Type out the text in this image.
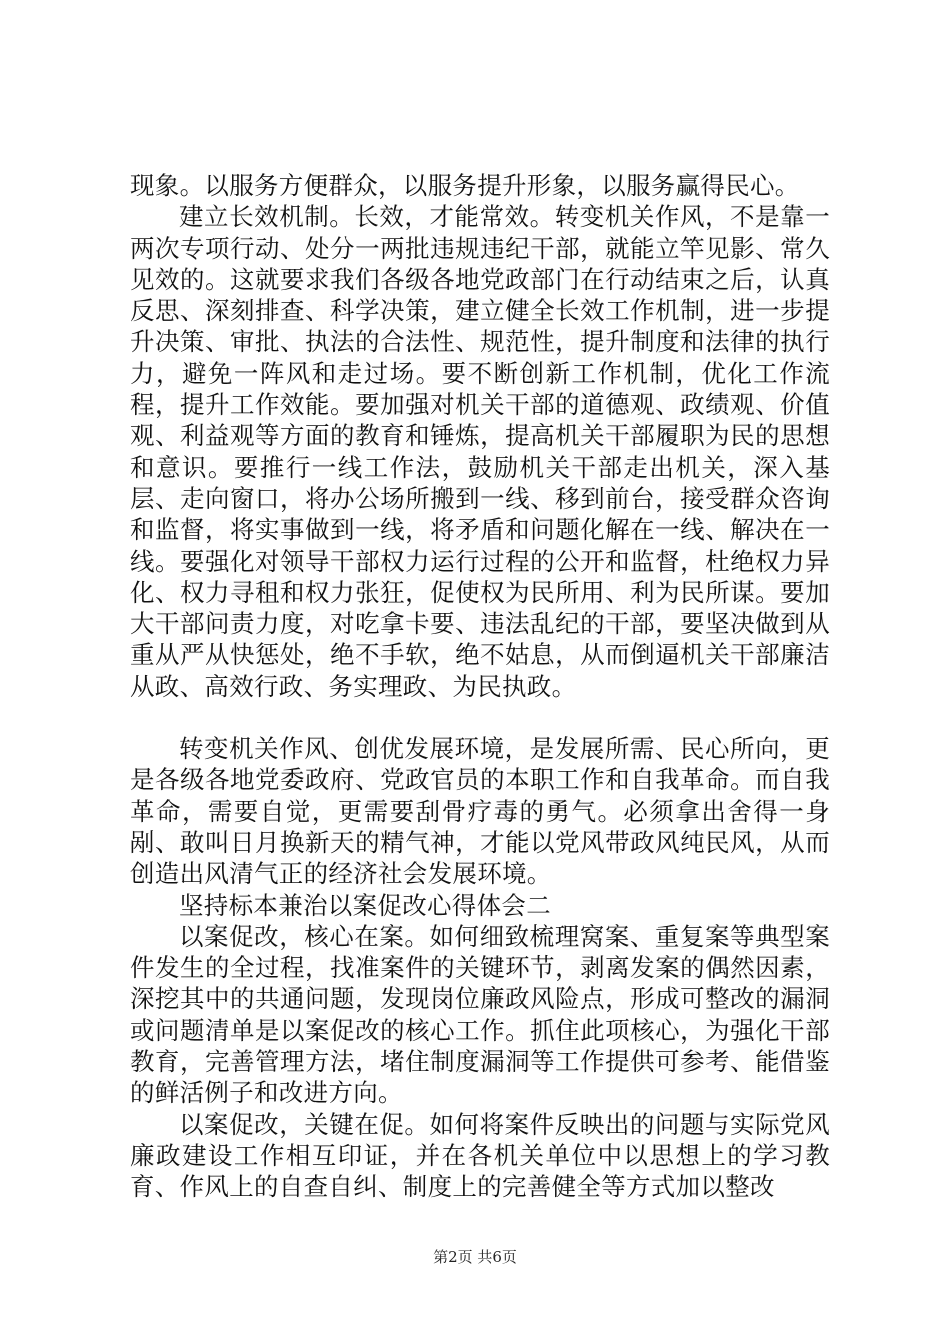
现象。以服务方便群众，以服务提升形象，以服务赢得民心。

建立长效机制。长效，才能常效。转变机关作风，不是靠一两次专项行动、处分一两批违规违纪干部，就能立竿见影、常久见效的。这就要求我们各级各地党政部门在行动结束之后，认真反思、深刻排查、科学决策，建立健全长效工作机制，进一步提升决策、审批、执法的合法性、规范性，提升制度和法律的执行力，避免一阵风和走过场。要不断创新工作机制，优化工作流程，提升工作效能。要加强对机关干部的道德观、政绩观、价值观、利益观等方面的教育和锤炼，提高机关干部履职为民的思想和意识。要推行一线工作法，鼓励机关干部走出机关，深入基层、走向窗口，将办公场所搬到一线、移到前台，接受群众咨询和监督，将实事做到一线，将矛盾和问题化解在一线、解决在一线。要强化对领导干部权力运行过程的公开和监督，杜绝权力异化、权力寻租和权力张狂，促使权为民所用、利为民所谋。要加大干部问责力度，对吃拿卡要、违法乱纪的干部，要坚决做到从重从严从快惩处，绝不手软，绝不姑息，从而倒逼机关干部廉洁从政、高效行政、务实理政、为民执政。

转变机关作风、创优发展环境，是发展所需、民心所向，更是各级各地党委政府、党政官员的本职工作和自我革命。而自我革命，需要自觉，更需要刮骨疗毒的勇气。必须拿出舍得一身剐、敢叫日月换新天的精气神，才能以党风带政风纯民风，从而创造出风清气正的经济社会发展环境。

坚持标本兼治以案促改心得体会二

以案促改，核心在案。如何细致梳理窝案、重复案等典型案件发生的全过程，找准案件的关键环节，剥离发案的偶然因素，深挖其中的共通问题，发现岗位廉政风险点，形成可整改的漏洞或问题清单是以案促改的核心工作。抓住此项核心，为强化干部教育，完善管理方法，堵住制度漏洞等工作提供可参考、能借鉴的鲜活例子和改进方向。

以案促改，关键在促。如何将案件反映出的问题与实际党风廉政建设工作相互印证，并在各机关单位中以思想上的学习教育、作风上的自查自纠、制度上的完善健全等方式加以整改

第2页 共6页
